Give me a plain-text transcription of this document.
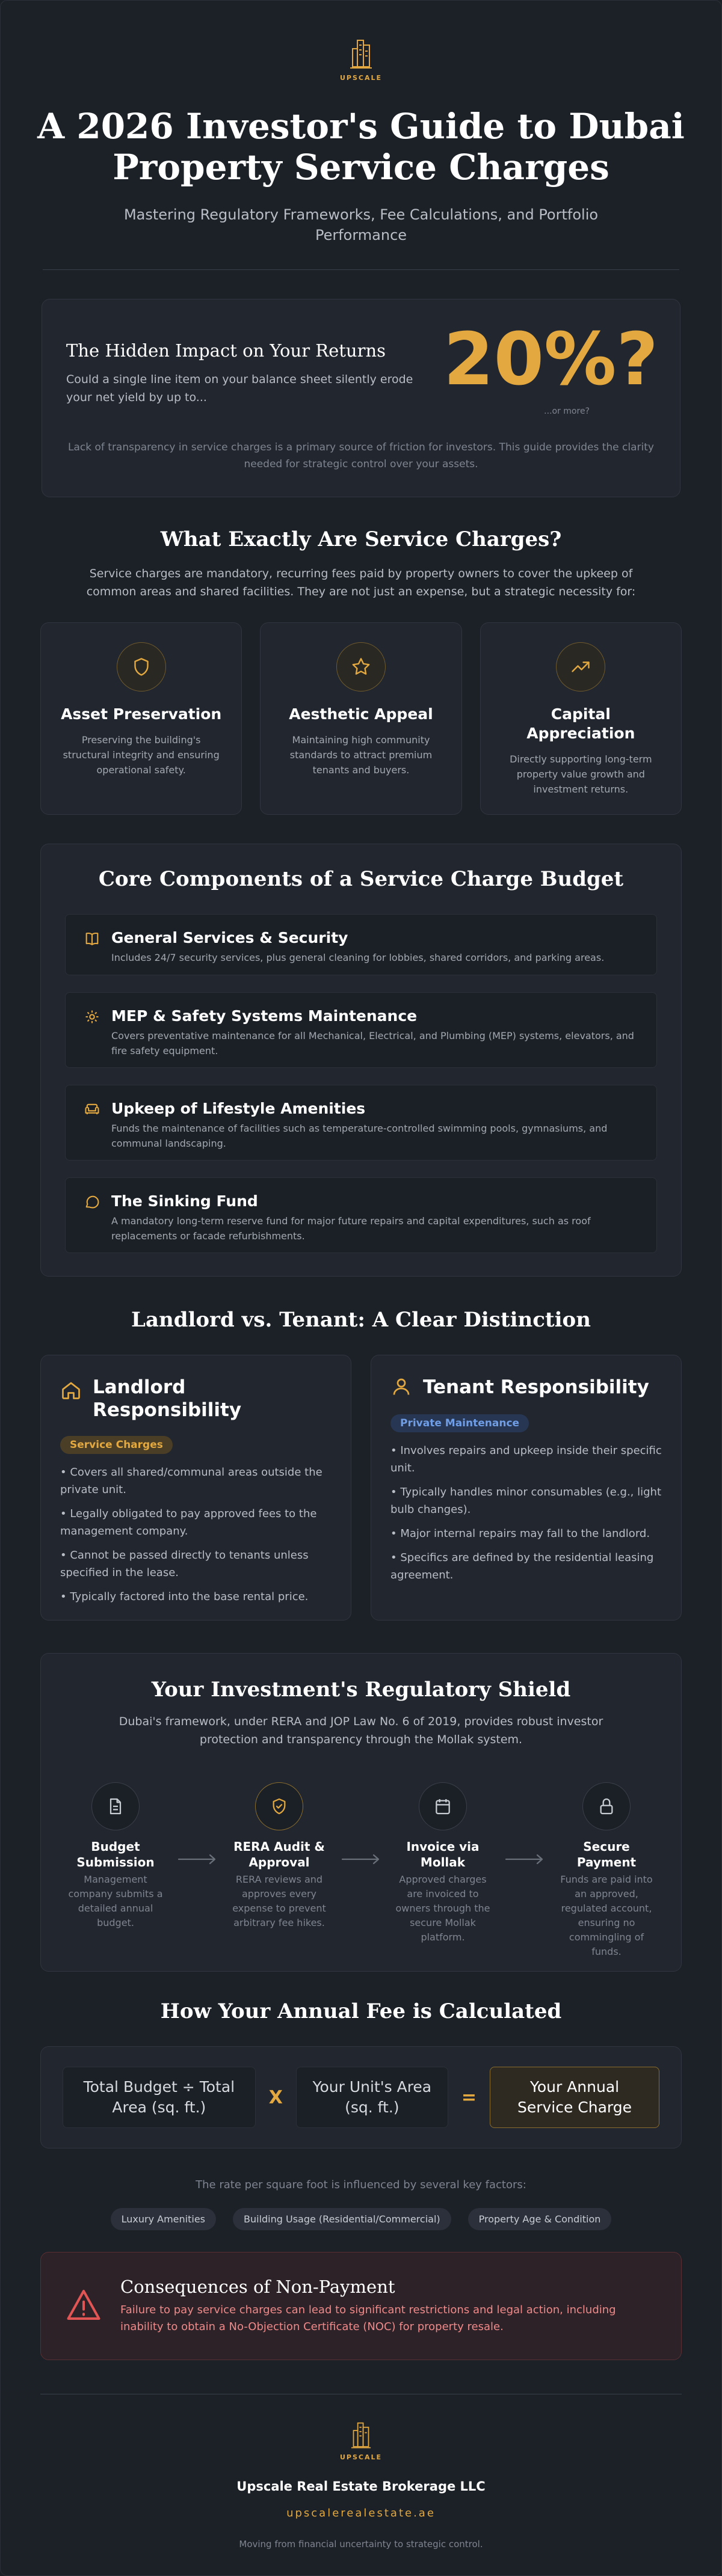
UPSCALE
A 2026 Investor's Guide to Dubai Property Service Charges

Mastering Regulatory Frameworks, Fee Calculations, and Portfolio Performance

The Hidden Impact on Your Returns
Could a single line item on your balance sheet silently erode your net yield by up to...	20%?
...or more?
Lack of transparency in service charges is a primary source of friction for investors. This guide provides the clarity needed for strategic control over your assets.
What Exactly Are Service Charges?

Service charges are mandatory, recurring fees paid by property owners to cover the upkeep of common areas and shared facilities. They are not just an expense, but a strategic necessity for:

Asset Preservation

Preserving the building's structural integrity and ensuring operational safety.

Aesthetic Appeal

Maintaining high community standards to attract premium tenants and buyers.

Capital Appreciation

Directly supporting long-term property value growth and investment returns.

Core Components of a Service Charge Budget
General Services & Security

Includes 24/7 security services, plus general cleaning for lobbies, shared corridors, and parking areas.

MEP & Safety Systems Maintenance

Covers preventative maintenance for all Mechanical, Electrical, and Plumbing (MEP) systems, elevators, and fire safety equipment.

Upkeep of Lifestyle Amenities

Funds the maintenance of facilities such as temperature-controlled swimming pools, gymnasiums, and communal landscaping.

The Sinking Fund

A mandatory long-term reserve fund for major future repairs and capital expenditures, such as roof replacements or facade refurbishments.

Landlord vs. Tenant: A Clear Distinction
Landlord Responsibility
Service Charges
• Covers all shared/communal areas outside the private unit.
• Legally obligated to pay approved fees to the management company.
• Cannot be passed directly to tenants unless specified in the lease.
• Typically factored into the base rental price.
Tenant Responsibility
Private Maintenance
• Involves repairs and upkeep inside their specific unit.
• Typically handles minor consumables (e.g., light bulb changes).
• Major internal repairs may fall to the landlord.
• Specifics are defined by the residential leasing agreement.
Your Investment's Regulatory Shield

Dubai's framework, under RERA and JOP Law No. 6 of 2019, provides robust investor protection and transparency through the Mollak system.

Budget Submission

Management company submits a detailed annual budget.

RERA Audit & Approval

RERA reviews and approves every expense to prevent arbitrary fee hikes.

Invoice via Mollak

Approved charges are invoiced to owners through the secure Mollak platform.

Secure Payment

Funds are paid into an approved, regulated account, ensuring no commingling of funds.

How Your Annual Fee is Calculated
Total Budget ÷ Total Area (sq. ft.)	X	Your Unit's Area (sq. ft.)	=	Your Annual Service Charge

The rate per square foot is influenced by several key factors:

Luxury Amenities	Building Usage (Residential/Commercial)	Property Age & Condition
Consequences of Non-Payment

Failure to pay service charges can lead to significant restrictions and legal action, including inability to obtain a No-Objection Certificate (NOC) for property resale.

UPSCALE
Upscale Real Estate Brokerage LLC
upscalerealestate.ae
Moving from financial uncertainty to strategic control.
